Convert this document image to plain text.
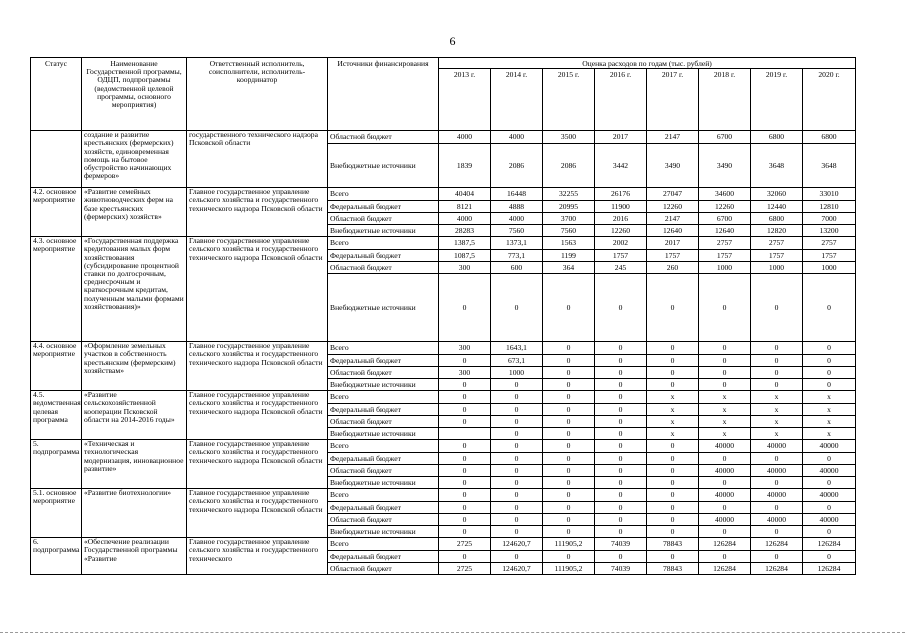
6
Статус	Наименование Государственной программы, ОДЦП, подпрограммы (ведомственной целевой программы, основного мероприятия)	Ответственный исполнитель, соисполнители, исполнитель-координатор	Источники финансирования	Оценка расходов по годам (тыс. рублей)							
				2013 г.	2014 г.	2015 г.	2016 г.	2017 г.	2018 г.	2019 г.	2020 г.
	создание и развитие крестьянских (фермерских) хозяйств, единовременная помощь на бытовое обустройство начинающих фермеров»	государственного технического надзора Псковской области	Областной бюджет	4000	4000	3500	2017	2147	6700	6800	6800
			Внебюджетные источники	1839	2086	2086	3442	3490	3490	3648	3648
4.2. основное мероприятие	«Развитие семейных животноводческих ферм на базе крестьянских (фермерских) хозяйств»	Главное государственное управление сельского хозяйства и государственного технического надзора Псковской области	Всего	40404	16448	32255	26176	27047	34600	32060	33010
			Федеральный бюджет	8121	4888	20995	11900	12260	12260	12440	12810
			Областной бюджет	4000	4000	3700	2016	2147	6700	6800	7000
			Внебюджетные источники	28283	7560	7560	12260	12640	12640	12820	13200
4.3. основное мероприятие	«Государственная поддержка кредитования малых форм хозяйствования (субсидирование процентной ставки по долгосрочным, среднесрочным и краткосрочным кредитам, полученным малыми формами хозяйствования)»	Главное государственное управление сельского хозяйства и государственного технического надзора Псковской области	Всего	1387,5	1373,1	1563	2002	2017	2757	2757	2757
			Федеральный бюджет	1087,5	773,1	1199	1757	1757	1757	1757	1757
			Областной бюджет	300	600	364	245	260	1000	1000	1000
			Внебюджетные источники	0	0	0	0	0	0	0	0
4.4. основное мероприятие	«Оформление земельных участков в собственность крестьянским (фермерским) хозяйствам»	Главное государственное управление сельского хозяйства и государственного технического надзора Псковской области	Всего	300	1643,1	0	0	0	0	0	0
			Федеральный бюджет	0	673,1	0	0	0	0	0	0
			Областной бюджет	300	1000	0	0	0	0	0	0
			Внебюджетные источники	0	0	0	0	0	0	0	0
4.5. ведомственная целевая программа	«Развитие сельскохозяйственной кооперации Псковской области на 2014-2016 годы»	Главное государственное управление сельского хозяйства и государственного технического надзора Псковской области	Всего	0	0	0	0	х	х	х	х
			Федеральный бюджет	0	0	0	0	х	х	х	х
			Областной бюджет	0	0	0	0	х	х	х	х
			Внебюджетные источники		0	0	0	х	х	х	х
5. подпрограмма	«Техническая и технологическая модернизация, инновационное развитие»	Главное государственное управление сельского хозяйства и государственного технического надзора Псковской области	Всего	0	0	0	0	0	40000	40000	40000
			Федеральный бюджет	0	0	0	0	0	0	0	0
			Областной бюджет	0	0	0	0	0	40000	40000	40000
			Внебюджетные источники	0	0	0	0	0	0	0	0
5.1. основное мероприятие	«Развитие биотехнологии»	Главное государственное управление сельского хозяйства и государственного технического надзора Псковской области	Всего	0	0	0	0	0	40000	40000	40000
			Федеральный бюджет	0	0	0	0	0	0	0	0
			Областной бюджет	0	0	0	0	0	40000	40000	40000
			Внебюджетные источники	0	0	0	0	0	0	0	0
6. подпрограмма	«Обеспечение реализации Государственной программы «Развитие	Главное государственное управление сельского хозяйства и государственного технического	Всего	2725	124620,7	111905,2	74039	78843	126284	126284	126284
			Федеральный бюджет	0	0	0	0	0	0	0	0
			Областной бюджет	2725	124620,7	111905,2	74039	78843	126284	126284	126284
